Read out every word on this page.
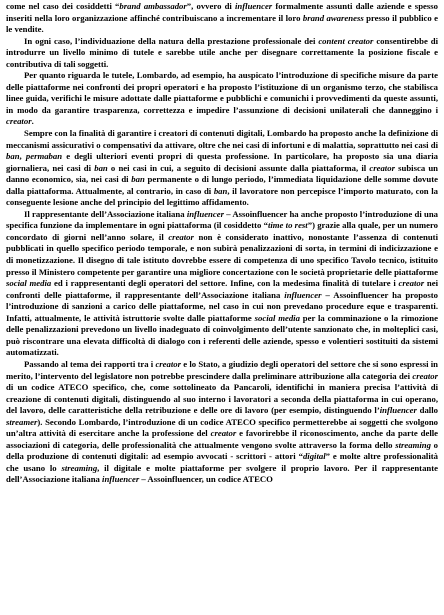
come nel caso dei cosiddetti “brand ambassador”, ovvero di influencer formalmente assunti dalle aziende e spesso inseriti nella loro organizzazione affinché contribuiscano a incrementare il loro brand awareness presso il pubblico e le vendite.

In ogni caso, l’individuazione della natura della prestazione professionale dei content creator consentirebbe di introdurre un livello minimo di tutele e sarebbe utile anche per disegnare correttamente la posizione fiscale e contributiva di tali soggetti.

Per quanto riguarda le tutele, Lombardo, ad esempio, ha auspicato l’introduzione di specifiche misure da parte delle piattaforme nei confronti dei propri operatori e ha proposto l’istituzione di un organismo terzo, che stabilisca linee guida, verifichi le misure adottate dalle piattaforme e pubblichi e comunichi i provvedimenti da queste assunti, in modo da garantire trasparenza, correttezza e impedire l’assunzione di decisioni unilaterali che danneggino i creator.

Sempre con la finalità di garantire i creatori di contenuti digitali, Lombardo ha proposto anche la definizione di meccanismi assicurativi o compensativi da attivare, oltre che nei casi di infortuni e di malattia, soprattutto nei casi di ban, permaban e degli ulteriori eventi propri di questa professione. In particolare, ha proposto sia una diaria giornaliera, nei casi di ban o nei casi in cui, a seguito di decisioni assunte dalla piattaforma, il creator subisca un danno economico, sia, nei casi di ban permanente o di lungo periodo, l’immediata liquidazione delle somme dovute dalla piattaforma. Attualmente, al contrario, in caso di ban, il lavoratore non percepisce l’importo maturato, con la conseguente lesione anche del principio del legittimo affidamento.

Il rappresentante dell’Associazione italiana influencer – Assoinfluencer ha anche proposto l’introduzione di una specifica funzione da implementare in ogni piattaforma (il cosiddetto “time to rest”) grazie alla quale, per un numero concordato di giorni nell’anno solare, il creator non è considerato inattivo, nonostante l’assenza di contenuti pubblicati in quello specifico periodo temporale, e non subirà penalizzazioni di sorta, in termini di indicizzazione e di monetizzazione. Il disegno di tale istituto dovrebbe essere di competenza di uno specifico Tavolo tecnico, istituito presso il Ministero competente per garantire una migliore concertazione con le società proprietarie delle piattaforme social media ed i rappresentanti degli operatori del settore. Infine, con la medesima finalità di tutelare i creator nei confronti delle piattaforme, il rappresentante dell’Associazione italiana influencer – Assoinfluencer ha proposto l’introduzione di sanzioni a carico delle piattaforme, nel caso in cui non prevedano procedure eque e trasparenti. Infatti, attualmente, le attività istruttorie svolte dalle piattaforme social media per la comminazione o la rimozione delle penalizzazioni prevedono un livello inadeguato di coinvolgimento dell’utente sanzionato che, in molteplici casi, può riscontrare una elevata difficoltà di dialogo con i referenti delle aziende, spesso e volentieri sostituiti da sistemi automatizzati.

Passando al tema dei rapporti tra i creator e lo Stato, a giudizio degli operatori del settore che si sono espressi in merito, l’intervento del legislatore non potrebbe prescindere dalla preliminare attribuzione alla categoria dei creator di un codice ATECO specifico, che, come sottolineato da Pancaroli, identifichi in maniera precisa l’attività di creazione di contenuti digitali, distinguendo al suo interno i lavoratori a seconda della piattaforma in cui operano, del lavoro, delle caratteristiche della retribuzione e delle ore di lavoro (per esempio, distinguendo l’influencer dallo streamer). Secondo Lombardo, l’introduzione di un codice ATECO specifico permetterebbe ai soggetti che svolgono un’altra attività di esercitare anche la professione del creator e favorirebbe il riconoscimento, anche da parte delle associazioni di categoria, delle professionalità che attualmente vengono svolte attraverso la forma dello streaming o della produzione di contenuti digitali: ad esempio avvocati - scrittori - attori “digital” e molte altre professionalità che usano lo streaming, il digitale e molte piattaforme per svolgere il proprio lavoro. Per il rappresentante dell’Associazione italiana influencer – Assoinfluencer, un codice ATECO
